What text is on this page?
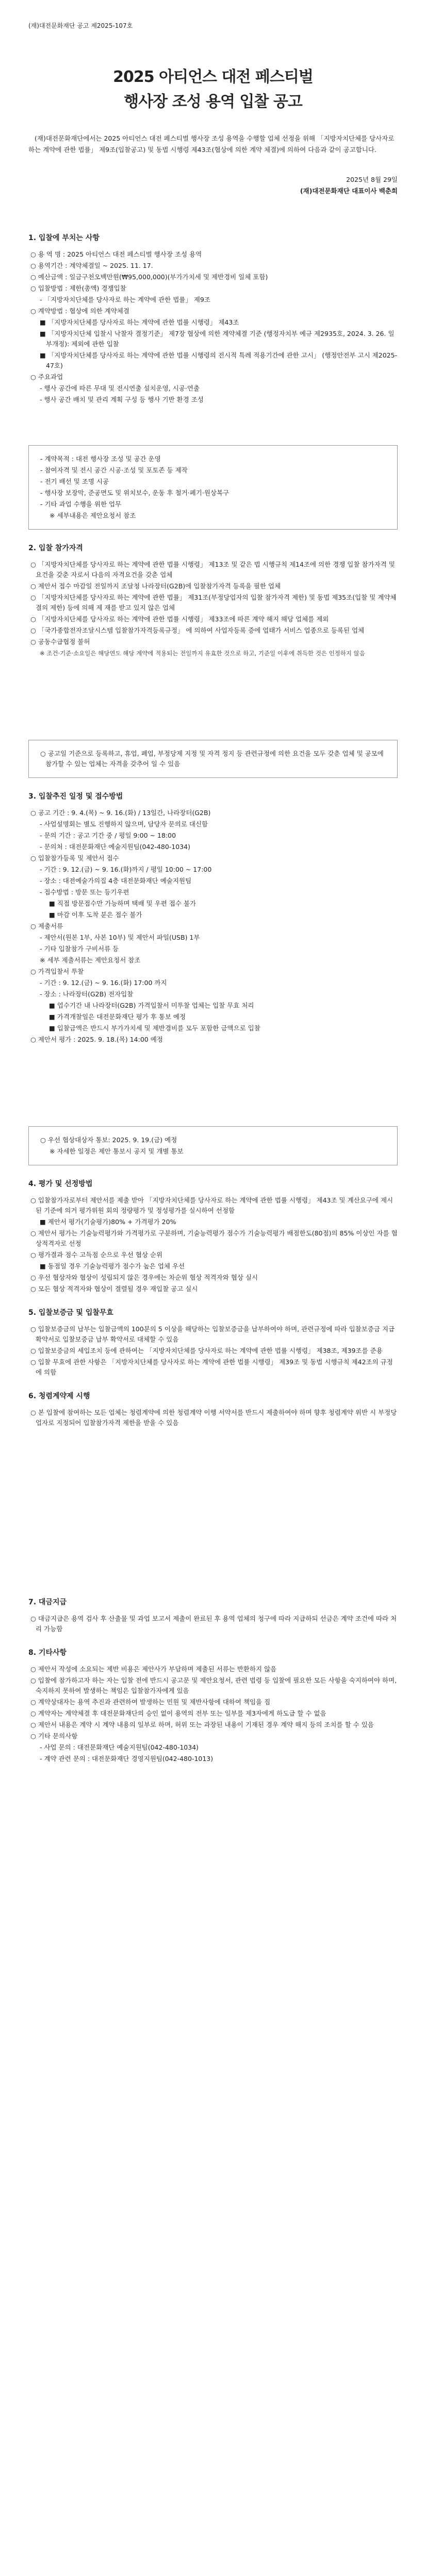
(재)대전문화재단 공고 제2025-107호
2025 아티언스 대전 페스티벌
행사장 조성 용역 입찰 공고
(재)대전문화재단에서는 2025 아티언스 대전 페스티벌 행사장 조성 용역을 수행할 업체 선정을 위해 「지방자치단체를 당사자로 하는 계약에 관한 법률」 제9조(입찰공고) 및 동법 시행령 제43조(협상에 의한 계약 체결)에 의하여 다음과 같이 공고합니다.
2025년 8월 29일
(재)대전문화재단 대표이사 백춘희
1. 입찰에 부치는 사항
○ 용 역 명 : 2025 아티언스 대전 페스티벌 행사장 조성 용역
○ 용역기간 : 계약체결일 ~ 2025. 11. 17.
○ 예산금액 : 일금구천오백만원(₩95,000,000)(부가가치세 및 제반경비 일체 포함)
○ 입찰방법 : 제한(총액) 경쟁입찰
- 「지방자치단체를 당사자로 하는 계약에 관한 법률」 제9조
○ 계약방법 : 협상에 의한 계약체결
■ 「지방자치단체를 당사자로 하는 계약에 관한 법률 시행령」 제43조
■ 「지방자치단체 입찰시 낙찰자 결정기준」 제7장 협상에 의한 계약체결 기준 (행정자치부 예규 제2935호, 2024. 3. 26. 일부개정): 제외에 관한 입찰
■ 「지방자치단체를 당사자로 하는 계약에 관한 법률 시행령의 전시적 특례 적용기간에 관한 고시」 (행정안전부 고시 제2025-47호)
○ 주요과업
- 행사 공간에 따른 무대 및 전시연출 설치운영, 시공·연출
- 행사 공간 배치 및 관리 계획 구성 등 행사 기반 환경 조성
- 계약목적 : 대전 행사장 조성 및 공간 운영
- 참여자격 및 전시 공간 시공·조성 및 포토존 등 제작
- 전기 배선 및 조명 시공
- 행사장 보장막, 준공면도 및 위치보수, 운동 후 철거·폐기·원상복구
- 기타 과업 수행을 위한 업무
※ 세부내용은 제안요청서 참조
2. 입찰 참가자격
○ 「지방자치단체를 당사자로 하는 계약에 관한 법률 시행령」 제13조 및 같은 법 시행규칙 제14조에 의한 경쟁 입찰 참가자격 및 요건을 갖춘 자로서 다음의 자격요건을 갖춘 업체
○ 제안서 접수 마감일 전일까지 조달청 나라장터(G2B)에 입찰참가자격 등록을 필한 업체
○ 「지방자치단체를 당사자로 하는 계약에 관한 법률」 제31조(부정당업자의 입찰 참가자격 제한) 및 동법 제35조(입찰 및 계약체결의 제한) 등에 의해 제 재를 받고 있지 않은 업체
○ 「지방자치단체를 당사자로 하는 계약에 관한 법률 시행령」 제33조에 따른 계약 해지 해당 업체를 제외
○ 「국가종합전자조달시스템 입찰참가자격등록규정」 에 의하여 사업자등록 증에 업태가 서비스 업종으로 등록된 업체
○ 공동수급협정 불허
※ 조건·기준·소요일은 해당연도 해당 계약에 적용되는 전일까지 유효한 것으로 하고, 기준일 이후에 취득한 것은 인정하지 않음
○ 공고일 기준으로 등록하고, 휴업, 폐업, 부정당제 지정 및 자격 정지 등 관련규정에 의한 요건을 모두 갖춘 업체 및 공모에 참가할 수 있는 업체는 자격을 갖추어 일 수 있음
3. 입찰추진 일정 및 접수방법
○ 공고 기간 : 9. 4.(목) ~ 9. 16.(화) / 13일간, 나라장터(G2B)
- 사업설명회는 별도 진행하지 않으며, 담당자 문의로 대신함
- 문의 기간 : 공고 기간 중 / 평일 9:00 ~ 18:00
- 문의처 : 대전문화재단 예술지원팀(042-480-1034)
○ 입찰참가등록 및 제안서 접수
- 기간 : 9. 12.(금) ~ 9. 16.(화)까지 / 평일 10:00 ~ 17:00
- 장소 : 대전예술가의집 4층 대전문화재단 예술지원팀
- 접수방법 : 방문 또는 등기우편
■ 직접 방문접수만 가능하며 택배 및 우편 접수 불가
■ 마감 이후 도착 분은 접수 불가
○ 제출서류
- 제안서(원본 1부, 사본 10부) 및 제안서 파일(USB) 1부
- 기타 입찰참가 구비서류 등
※ 세부 제출서류는 제안요청서 참조
○ 가격입찰서 투찰
- 기간 : 9. 12.(금) ~ 9. 16.(화) 17:00 까지
- 장소 : 나라장터(G2B) 전자입찰
■ 업수기간 내 나라장터(G2B) 가격입찰서 미투찰 업체는 입찰 무효 처리
■ 가격개찰일은 대전문화재단 평가 후 통보 예정
■ 입찰금액은 반드시 부가가치세 및 제반경비를 모두 포함한 금액으로 입찰
○ 제안서 평가 : 2025. 9. 18.(목) 14:00 예정
○ 우선 협상대상자 통보: 2025. 9. 19.(금) 예정
※ 자세한 일정은 제안 통보시 공지 및 개별 통보
4. 평가 및 선정방법
○ 입찰참가자로부터 제안서를 제출 받아 「지방자치단체를 당사자로 하는 계약에 관한 법률 시행령」 제43조 및 계산요구에 제시된 기준에 의거 평가위원 회의 정량평가 및 정성평가를 실시하여 선정함
■ 제안서 평가(기술평가)80% + 가격평가 20%
○ 제안서 평가는 기술능력평가와 가격평가로 구분하며, 기술능력평가 점수가 기술능력평가 배점한도(80점)의 85% 이상인 자를 협상적격자로 선정
○ 평가결과 점수 고득점 순으로 우선 협상 순위
■ 동점일 경우 기술능력평가 점수가 높은 업체 우선
○ 우선 협상자와 협상이 성립되지 않은 경우에는 차순위 협상 적격자와 협상 실시
○ 모든 협상 적격자와 협상이 결렬될 경우 재입찰 공고 실시
5. 입찰보증금 및 입찰무효
○ 입찰보증금의 납부는 입찰금액의 100분의 5 이상을 해당하는 입찰보증금을 납부하여야 하며, 관련규정에 따라 입찰보증금 지급확약서로 입찰보증금 납부 확약서로 대체할 수 있음
○ 입찰보증금의 세입조치 등에 관하여는 「지방자치단체를 당사자로 하는 계약에 관한 법률 시행령」 제38조, 제39조를 준용
○ 입찰 무효에 관한 사항은 「지방자치단체를 당사자로 하는 계약에 관한 법률 시행령」 제39조 및 동법 시행규칙 제42조의 규정에 의함
6. 청렴계약제 시행
○ 본 입찰에 참여하는 모든 업체는 청렴계약에 의한 청렴계약 이행 서약서를 반드시 제출하여야 하며 향후 청렴계약 위반 시 부정당업자로 지정되어 입찰참가자격 제한을 받을 수 있음
7. 대금지급
○ 대금지급은 용역 검사 후 산출물 및 과업 보고서 제출이 완료된 후 용역 업체의 청구에 따라 지급하되 선금은 계약 조건에 따라 처리 가능함
8. 기타사항
○ 제안서 작성에 소요되는 제반 비용은 제안사가 부담하며 제출된 서류는 반환하지 않음
○ 입찰에 참가하고자 하는 자는 입찰 전에 반드시 공고문 및 제안요청서, 관련 법령 등 입찰에 필요한 모든 사항을 숙지하여야 하며, 숙지하지 못하여 발생하는 책임은 입찰참가자에게 있음
○ 계약상대자는 용역 추진과 관련하여 발생하는 민원 및 제반사항에 대하여 책임을 짐
○ 계약자는 계약체결 후 대전문화재단의 승인 없이 용역의 전부 또는 일부를 제3자에게 하도급 할 수 없음
○ 제안서 내용은 계약 시 계약 내용의 일부로 하며, 허위 또는 과장된 내용이 기재된 경우 계약 해지 등의 조치를 할 수 있음
○ 기타 문의사항
- 사업 문의 : 대전문화재단 예술지원팀(042-480-1034)
- 계약 관련 문의 : 대전문화재단 경영지원팀(042-480-1013)
